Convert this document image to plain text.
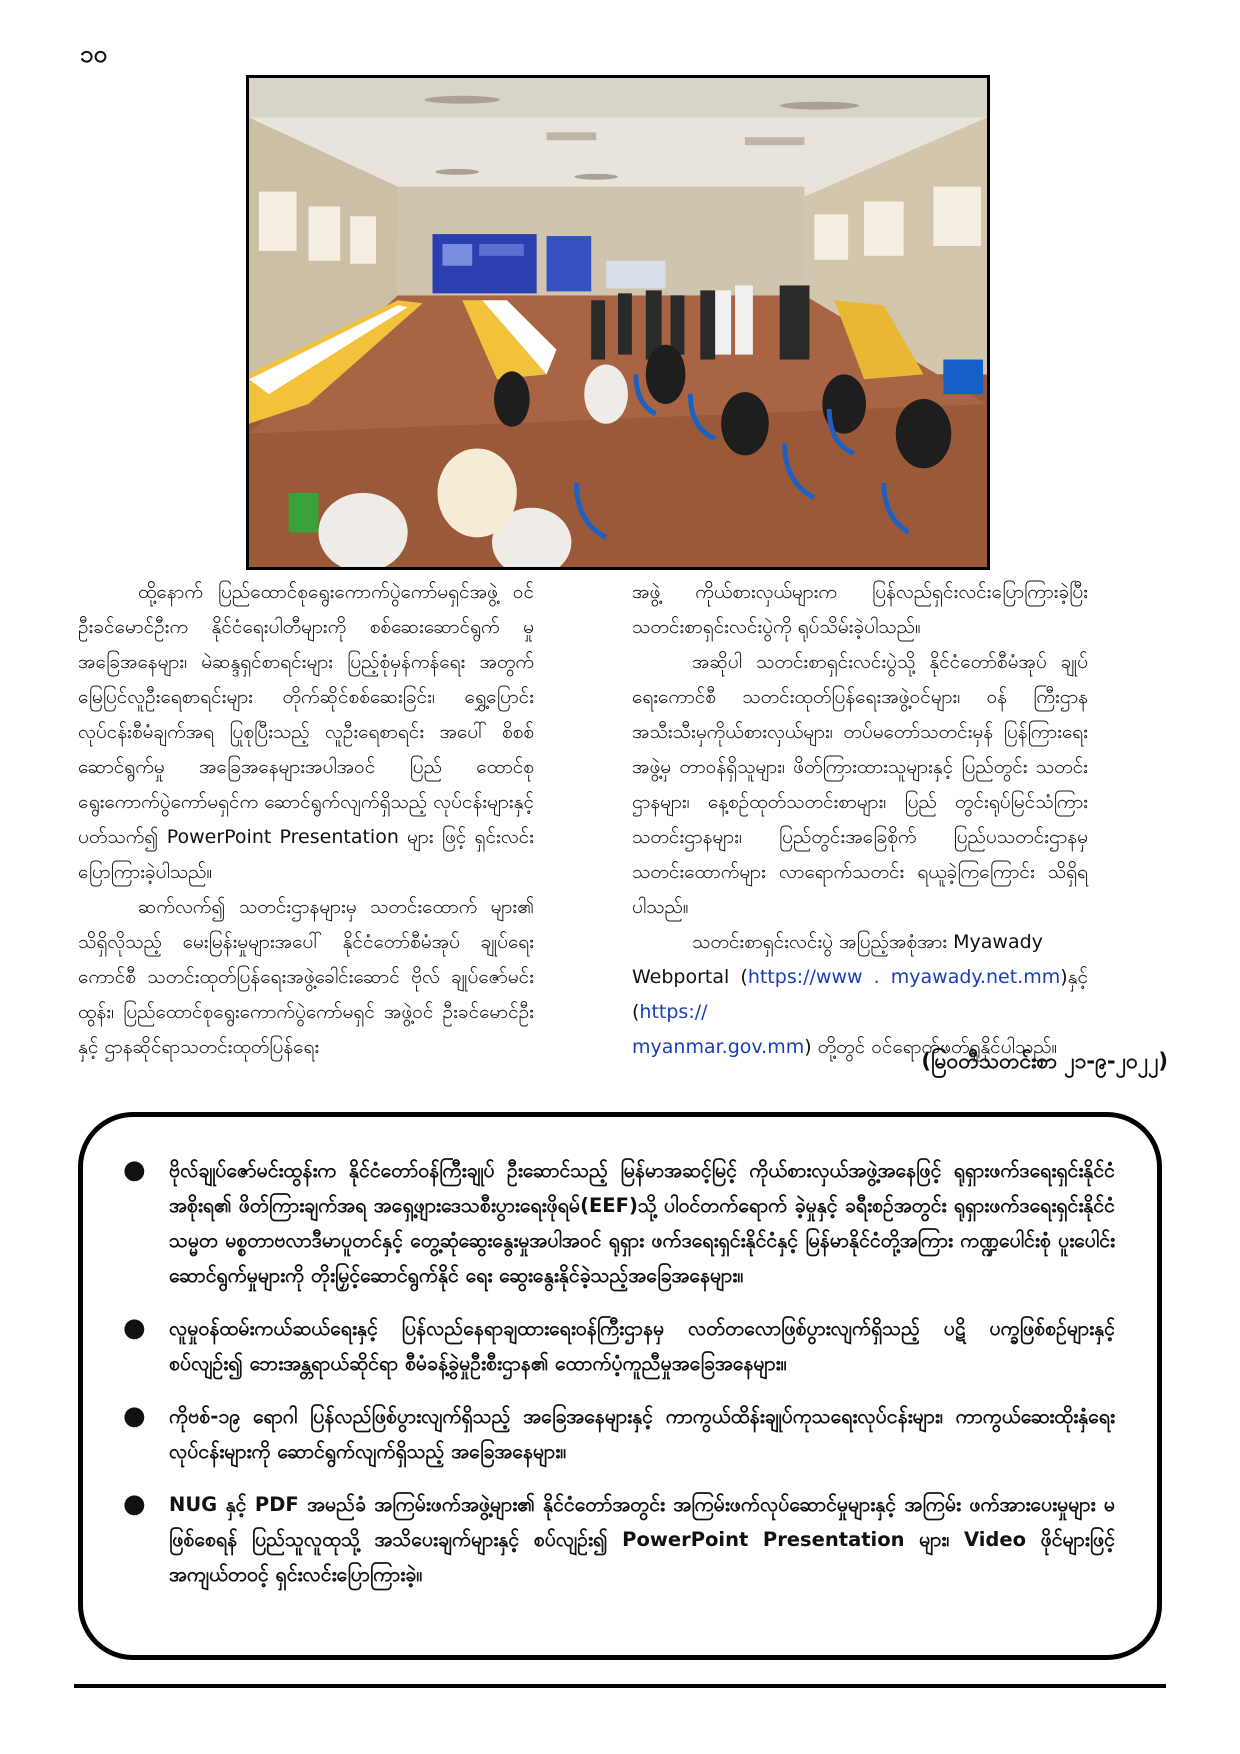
၁၀

ထို့နောက် ပြည်ထောင်စုရွေးကောက်ပွဲကော်မရှင်အဖွဲ့ ဝင် ဦးခင်မောင်ဦးက နိုင်ငံရေးပါတီများကို စစ်ဆေးဆောင်ရွက် မှုအခြေအနေများ၊ မဲဆန္ဒရှင်စာရင်းများ ပြည့်စုံမှန်ကန်ရေး အတွက် မြေပြင်လူဦးရေစာရင်းများ တိုက်ဆိုင်စစ်ဆေးခြင်း၊ ရွှေ့ပြောင်းလုပ်ငန်းစီမံချက်အရ ပြုစုပြီးသည့် လူဦးရေစာရင်း အပေါ် စိစစ်ဆောင်ရွက်မှု အခြေအနေများအပါအဝင် ပြည် ထောင်စုရွေးကောက်ပွဲကော်မရှင်က ဆောင်ရွက်လျက်ရှိသည့် လုပ်ငန်းများနှင့်ပတ်သက်၍ PowerPoint Presentation များ ဖြင့် ရှင်းလင်းပြောကြားခဲ့ပါသည်။

ဆက်လက်၍ သတင်းဌာနများမှ သတင်းထောက် များ၏ သိရှိလိုသည့် မေးမြန်းမှုများအပေါ် နိုင်ငံတော်စီမံအုပ် ချုပ်ရေးကောင်စီ သတင်းထုတ်ပြန်ရေးအဖွဲ့ခေါင်းဆောင် ဗိုလ် ချုပ်ဇော်မင်းထွန်း၊ ပြည်ထောင်စုရွေးကောက်ပွဲကော်မရှင် အဖွဲ့ဝင် ဦးခင်မောင်ဦးနှင့် ဌာနဆိုင်ရာသတင်းထုတ်ပြန်ရေး

အဖွဲ့ ကိုယ်စားလှယ်များက ပြန်လည်ရှင်းလင်းပြောကြားခဲ့ပြီး သတင်းစာရှင်းလင်းပွဲကို ရုပ်သိမ်းခဲ့ပါသည်။

အဆိုပါ သတင်းစာရှင်းလင်းပွဲသို့ နိုင်ငံတော်စီမံအုပ် ချုပ်ရေးကောင်စီ သတင်းထုတ်ပြန်ရေးအဖွဲ့ဝင်များ၊ ဝန် ကြီးဌာနအသီးသီးမှကိုယ်စားလှယ်များ၊ တပ်မတော်သတင်းမှန် ပြန်ကြားရေးအဖွဲ့မှ တာဝန်ရှိသူများ၊ ဖိတ်ကြားထားသူများနှင့် ပြည်တွင်း သတင်းဌာနများ၊ နေ့စဉ်ထုတ်သတင်းစာများ၊ ပြည် တွင်းရုပ်မြင်သံကြား သတင်းဌာနများ၊ ပြည်တွင်းအခြေစိုက် ပြည်ပသတင်းဌာနမှ သတင်းထောက်များ လာရောက်သတင်း ရယူခဲ့ကြကြောင်း သိရှိရပါသည်။

သတင်းစာရှင်းလင်းပွဲ အပြည့်အစုံအား Myawady

Webportal (https://www . myawady.net.mm)နှင့် (https://
myanmar.gov.mm) တို့တွင် ဝင်ရောက်ဖတ်ရှုနိုင်ပါသည်။

(မြဝတီသတင်းစာ ၂၁-၉-၂၀၂၂)
● ဗိုလ်ချုပ်ဇော်မင်းထွန်းက နိုင်ငံတော်ဝန်ကြီးချုပ် ဦးဆောင်သည့် မြန်မာအဆင့်မြင့် ကိုယ်စားလှယ်အဖွဲ့အနေဖြင့် ရုရှားဖက်ဒရေးရှင်းနိုင်ငံအစိုးရ၏ ဖိတ်ကြားချက်အရ အရှေ့ဖျားဒေသစီးပွားရေးဖိုရမ်(EEF)သို့ ပါဝင်တက်ရောက် ခဲ့မှုနှင့် ခရီးစဉ်အတွင်း ရုရှားဖက်ဒရေးရှင်းနိုင်ငံသမ္မတ မစ္စတာဗလာဒီမာပူတင်နှင့် တွေ့ဆုံဆွေးနွေးမှုအပါအဝင် ရုရှား ဖက်ဒရေးရှင်းနိုင်ငံနှင့် မြန်မာနိုင်ငံတို့အကြား ကဏ္ဍပေါင်းစုံ ပူးပေါင်းဆောင်ရွက်မှုများကို တိုးမြှင့်ဆောင်ရွက်နိုင် ရေး ဆွေးနွေးနိုင်ခဲ့သည့်အခြေအနေများ။
● လူမှုဝန်ထမ်းကယ်ဆယ်ရေးနှင့် ပြန်လည်နေရာချထားရေးဝန်ကြီးဌာနမှ လတ်တလောဖြစ်ပွားလျက်ရှိသည့် ပဋိ ပက္ခဖြစ်စဉ်များနှင့်စပ်လျဉ်း၍ ဘေးအန္တရာယ်ဆိုင်ရာ စီမံခန့်ခွဲမှုဦးစီးဌာန၏ ထောက်ပံ့ကူညီမှုအခြေအနေများ။
● ကိုဗစ်-၁၉ ရောဂါ ပြန်လည်ဖြစ်ပွားလျက်ရှိသည့် အခြေအနေများနှင့် ကာကွယ်ထိန်းချုပ်ကုသရေးလုပ်ငန်းများ၊ ကာကွယ်ဆေးထိုးနှံရေးလုပ်ငန်းများကို ဆောင်ရွက်လျက်ရှိသည့် အခြေအနေများ။
● NUG နှင့် PDF အမည်ခံ အကြမ်းဖက်အဖွဲ့များ၏ နိုင်ငံတော်အတွင်း အကြမ်းဖက်လုပ်ဆောင်မှုများနှင့် အကြမ်း ဖက်အားပေးမှုများ မဖြစ်စေရန် ပြည်သူလူထုသို့ အသိပေးချက်များနှင့် စပ်လျဉ်း၍ PowerPoint Presentation များ၊ Video ဖိုင်များဖြင့် အကျယ်တဝင့် ရှင်းလင်းပြောကြားခဲ့။
